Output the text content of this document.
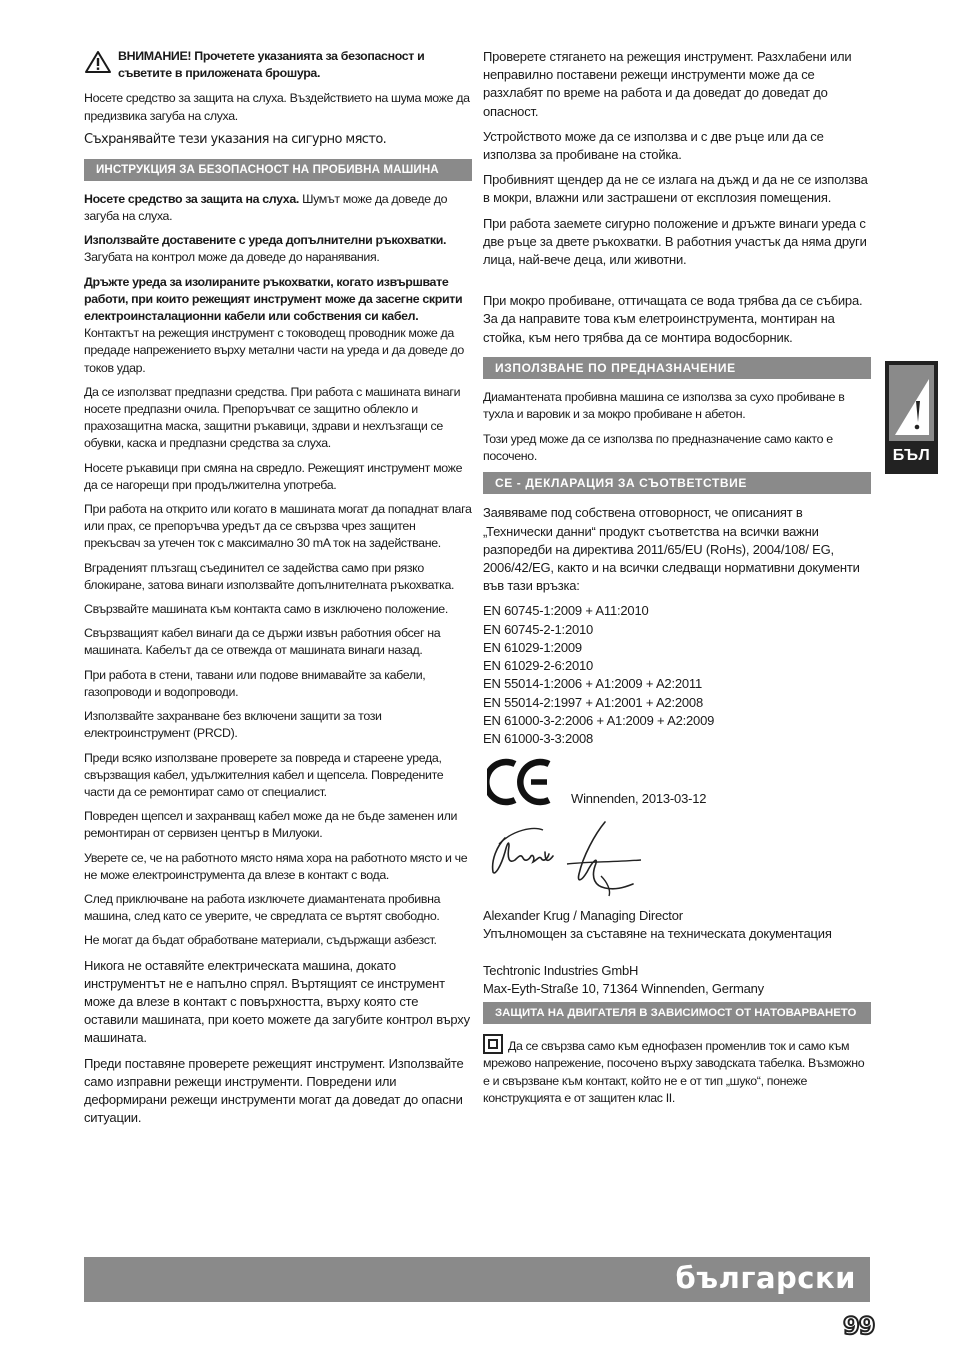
ВНИМАНИЕ! Прочетете указанията за безопасност и съветите в приложената брошура.

Носете средство за защита на слуха. Въздействието на шума може да предизвика загуба на слуха.

Съхранявайте тези указания на сигурно място.
ИНСТРУКЦИЯ ЗА БЕЗОПАСНОСТ НА ПРОБИВНА МАШИНА

Носете средство за защита на слуха. Шумът може да доведе до загуба на слуха.

Използвайте доставените с уреда допълнителни ръкохватки. Загубата на контрол може да доведе до наранявания.

Дръжте уреда за изолираните ръкохватки, когато извършвате работи, при които режещият инструмент може да засегне скрити електроинсталационни кабели или собствения си кабел. Контактът на режещия инструмент с тоководещ проводник може да предаде напрежението върху метални части на уреда и да доведе до токов удар.

Да се използват предпазни средства. При работа с машината винаги носете предпазни очила. Препоръчват се защитно облекло и прахозащитна маска, защитни ръкавици, здрави и нехлъзгащи се обувки, каска и предпазни средства за слуха.

Носете ръкавици при смяна на свредло. Режещият инструмент може да се нагорещи при продължителна употреба.

При работа на открито или когато в машината могат да попаднат влага или прах, се препоръчва уредът да се свързва чрез защитен прекъсвач за утечен ток с максимално 30 mA ток на задействане.

Вграденият плъзгащ съединител се задейства само при рязко блокиране, затова винаги използвайте допълнителната ръкохватка.

Свързвайте машината към контакта само в изключено положение.

Свързващият кабел винаги да се държи извън работния обсег на машината. Кабелът да се отвежда от машината винаги назад.

При работа в стени, тавани или подове внимавайте за кабели, газопроводи и водопроводи.

Използвайте захранване без включени защити за този електроинструмент (PRCD).

Преди всяко използване проверете за повреда и стареене уреда, свързващия кабел, удължителния кабел и щепсела. Повредените части да се ремонтират само от специалист.

Повреден щепсел и захранващ кабел може да не бъде заменен или ремонтиран от сервизен център в Милуоки.

Уверете се, че на работното място няма хора на работното място и че не може електроинструмента да влезе в контакт с вода.

След приключване на работа изключете диамантената пробивна машина, след като се уверите, че свредлата се въртят свободно.

Не могат да бъдат обработване материали, съдържащи азбезст.

Никога не оставяйте електрическата машина, докато инструментът не е напълно спрял. Въртящият се инструмент може да влезе в контакт с повърхността, върху която сте оставили машината, при което можете да загубите контрол върху машината.

Преди поставяне проверете режещият инструмент. Използвайте само изправни режещи инструменти. Повредени или деформирани режещи инструменти могат да доведат до опасни ситуации.

Проверете стягането на режещия инструмент. Разхлабени или неправилно поставени режещи инструменти може да се разхлабят по време на работа и да доведат до доведат до опасност.

Устройството може да се използва и с две ръце или да се използва за пробиване на стойка.

Пробивният щендер да не се излага на дъжд и да не се използва в мокри, влажни или застрашени от експлозия помещения.

При работа заемете сигурно положение и дръжте винаги уреда с две ръце за двете ръкохватки. В работния участък да няма други лица, най-вече деца, или животни.

При мокро пробиване, оттичащата се вода трябва да се събира. За да направите това към елетроинструмента, монтиран на стойка, към него трябва да се монтира водосборник.

ИЗПОЛЗВАНЕ ПО ПРЕДНАЗНАЧЕНИЕ

Диамантената пробивна машина се използва за сухо пробиване в тухла и варовик и за мокро пробиване н абетон.

Този уред може да се използва по предназначение само както е посочено.

CE - ДЕКЛАРАЦИЯ ЗА СЪОТВЕТСТВИЕ

Заявяваме под собствена отговорност, че описаният в „Технически данни“ продукт съответства на всички важни разпоредби на директива 2011/65/EU (RoHs), 2004/108/ EG, 2006/42/EG, както и на всички следващи нормативни документи във тази връзка:

EN 60745-1:2009 + A11:2010

EN 60745-2-1:2010

EN 61029-1:2009

EN 61029-2-6:2010

EN 55014-1:2006 + A1:2009 + A2:2011

EN 55014-2:1997 + A1:2001 + A2:2008

EN 61000-3-2:2006 + A1:2009 + A2:2009

EN 61000-3-3:2008

Winnenden, 2013-03-12

Alexander Krug / Managing Director

Упълномощен за съставяне на техническата документация

Techtronic Industries GmbH

Max-Eyth-Straße 10, 71364 Winnenden, Germany

ЗАЩИТА НА ДВИГАТЕЛЯ В ЗАВИСИМОСТ ОТ НАТОВАРВАНЕТО

Да се свързва само към еднофазен променлив ток и само към мрежово напрежение, посочено върху заводската табелка. Възможно е и свързване към контакт, който не е от тип „шуко“, понеже конструкцията е от защитен клас II.

БЪЛ
български
99
